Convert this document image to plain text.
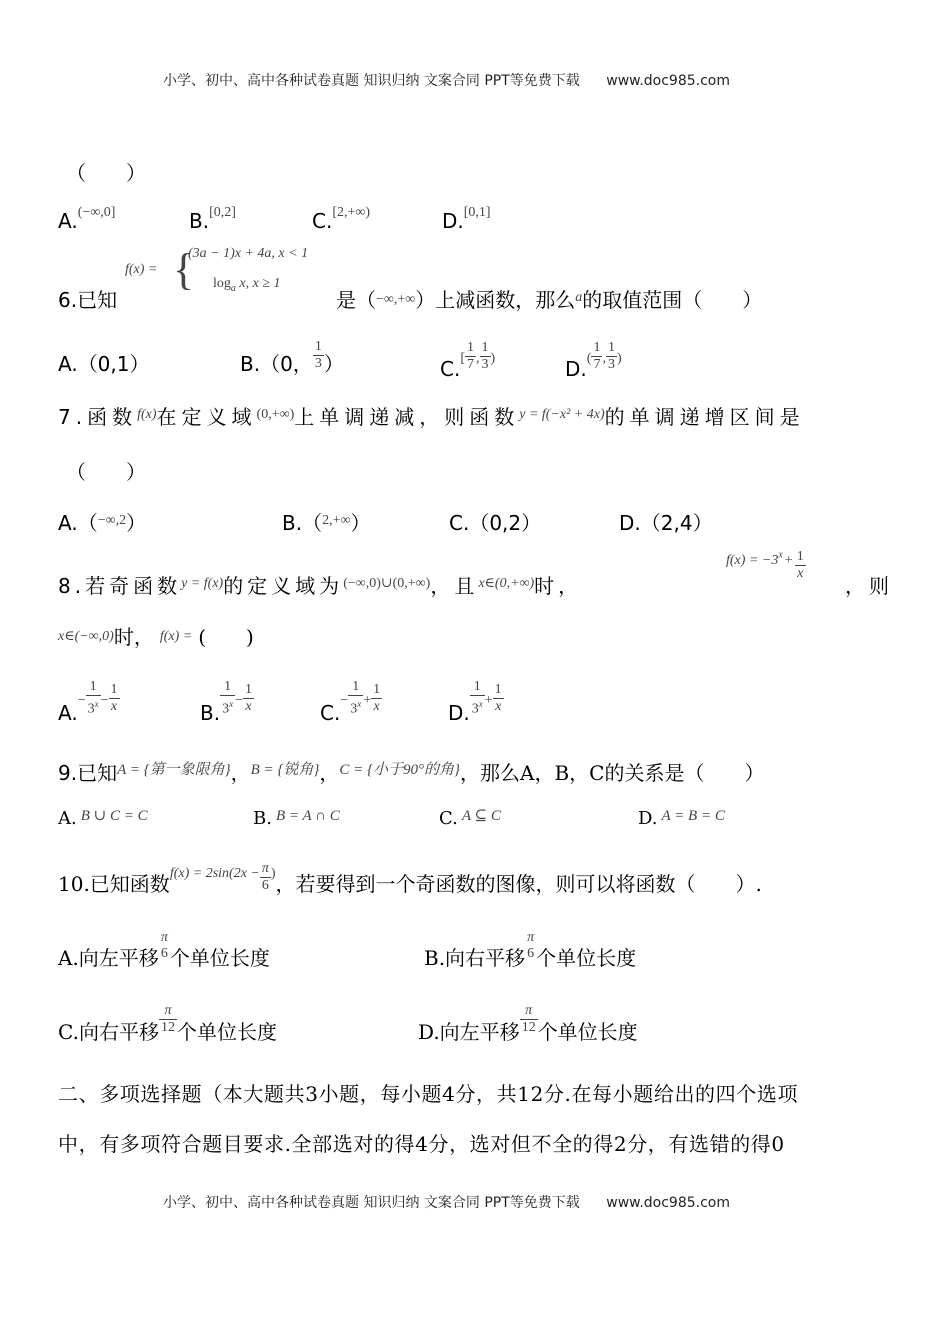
小学、初中、高中各种试卷真题 知识归纳 文案合同 PPT等免费下载 www.doc985.com
（　　）
A.$^{(-\infty,0]}$	B.[0,2]	C.$^{[2,+\infty)}$	D.[0,1]
6.已知
f(x) = {
(3a − 1)x + 4a, x < 1
$\log_a x$, x ≥ 1
是（−∞,+∞）上减函数，那么$^a$的取值范围（　　）
A.（0,1）	B.（0， $\frac{1}{3}$ ）	$C.^[ \frac{1}{7} ^, \frac{1}{3} ^)$	$D.^( \frac{1}{7} ^, \frac{1}{3} ^)$
7.函数$^{f(x)}$在定义域$^{(0,+\infty)}$上单调递减，则函数$^{y = f(-x^2 + 4x)}$的单调递增区间是
（　　）
A.（$^{-\infty,2}$）	B.（$^{2,+\infty}$）	C.（0,2）	D.（2,4）
8.若奇函数$^{y = f(x)}$的定义域为$^{(-\infty,0)\cup(0,+\infty)}$，且$^{x\in(0,+\infty)}$时，
$f(x) = -3^x + \frac{1}{x}$
，则
$^{x\in(-\infty,0)}$时， $^{f(x) =}$ (　　)
$A.- \frac{1}{3^x} - \frac{1}{x}$	B. $\frac{1}{3^x} - \frac{1}{x}$	$C.- \frac{1}{3^x} + \frac{1}{x}$	D. $\frac{1}{3^x} + \frac{1}{x}$
9.已知$^{A = \{第一象限角\}}$，$^{B = \{锐角\}}$，$^{C = \{小于90^\circ 的角\}}$，那么A，B，C的关系是（　　）
A. $^{B \cup C = C}$	B. $^{B = A \cap C}$	C. $^{A ⊆ C}$	D. $^{A = B = C}$
10.已知函数$^{f(x) = 2sin(2x -} \frac{\pi}{6} ^)$，若要得到一个奇函数的图像，则可以将函数（　　）.
A.向左平移
π
6 个单位长度	B.向右平移
π
6 个单位长度
C.向右平移 $\frac{\pi}{12}$ 个单位长度	D.向左平移 $\frac{\pi}{12}$ 个单位长度
二、多项选择题（本大题共3小题，每小题4分，共12分.在每小题给出的四个选项
中，有多项符合题目要求.全部选对的得4分，选对但不全的得2分，有选错的得0
小学、初中、高中各种试卷真题 知识归纳 文案合同 PPT等免费下载 www.doc985.com
